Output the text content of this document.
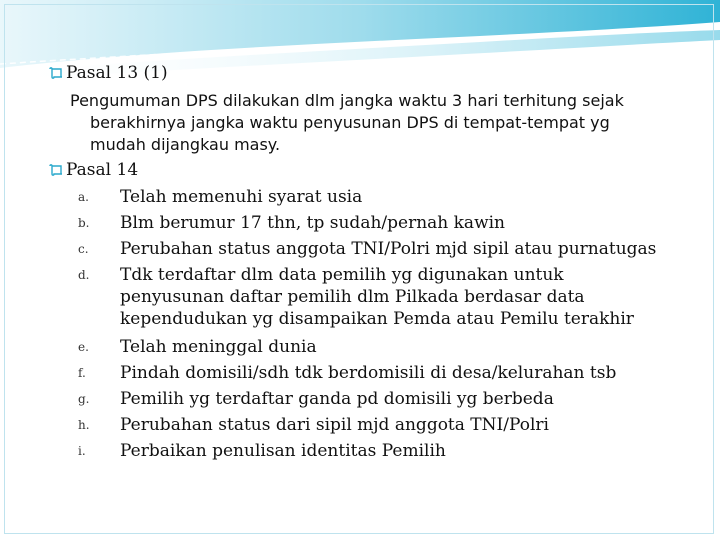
Pasal 13 (1)
Pengumuman DPS dilakukan dlm jangka waktu 3 hari terhitung sejak
berakhirnya jangka waktu penyusunan DPS di tempat-tempat yg
mudah dijangkau masy.
Pasal 14
a.	Telah memenuhi syarat usia
b.	Blm berumur 17 thn, tp sudah/pernah kawin
c.	Perubahan status anggota TNI/Polri mjd sipil atau purnatugas
d.	Tdk terdaftar dlm data pemilih yg digunakan untuk
penyusunan daftar pemilih dlm Pilkada berdasar data
kependudukan yg disampaikan Pemda atau Pemilu terakhir
e.	Telah meninggal dunia
f.	Pindah domisili/sdh tdk berdomisili di desa/kelurahan tsb
g.	Pemilih yg terdaftar ganda pd domisili yg berbeda
h.	Perubahan status dari sipil mjd anggota TNI/Polri
i.	Perbaikan penulisan identitas Pemilih
